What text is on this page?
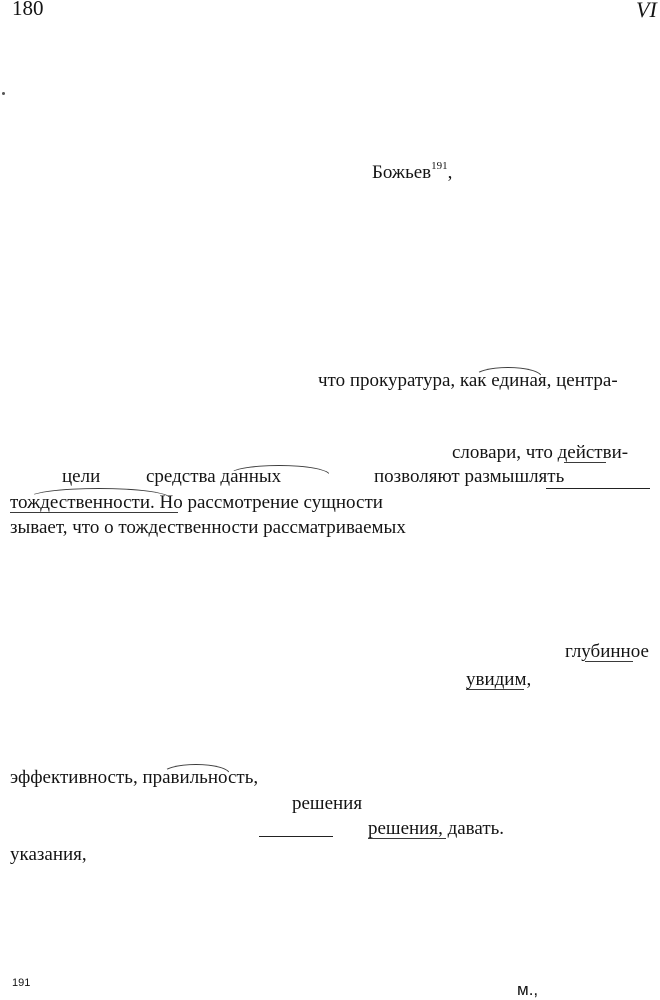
180	VI
Божьев$^{191}$,
что прокуратура, как единая, центра-
словари, что действи-
цели средства данных	позволяют размышлять
тождественности. Но рассмотрение сущности
зывает, что о тождественности рассматриваемых
глубинное
увидим,
эффективность, правильность,
решения
решения, давать.
указания,
191	м.,
